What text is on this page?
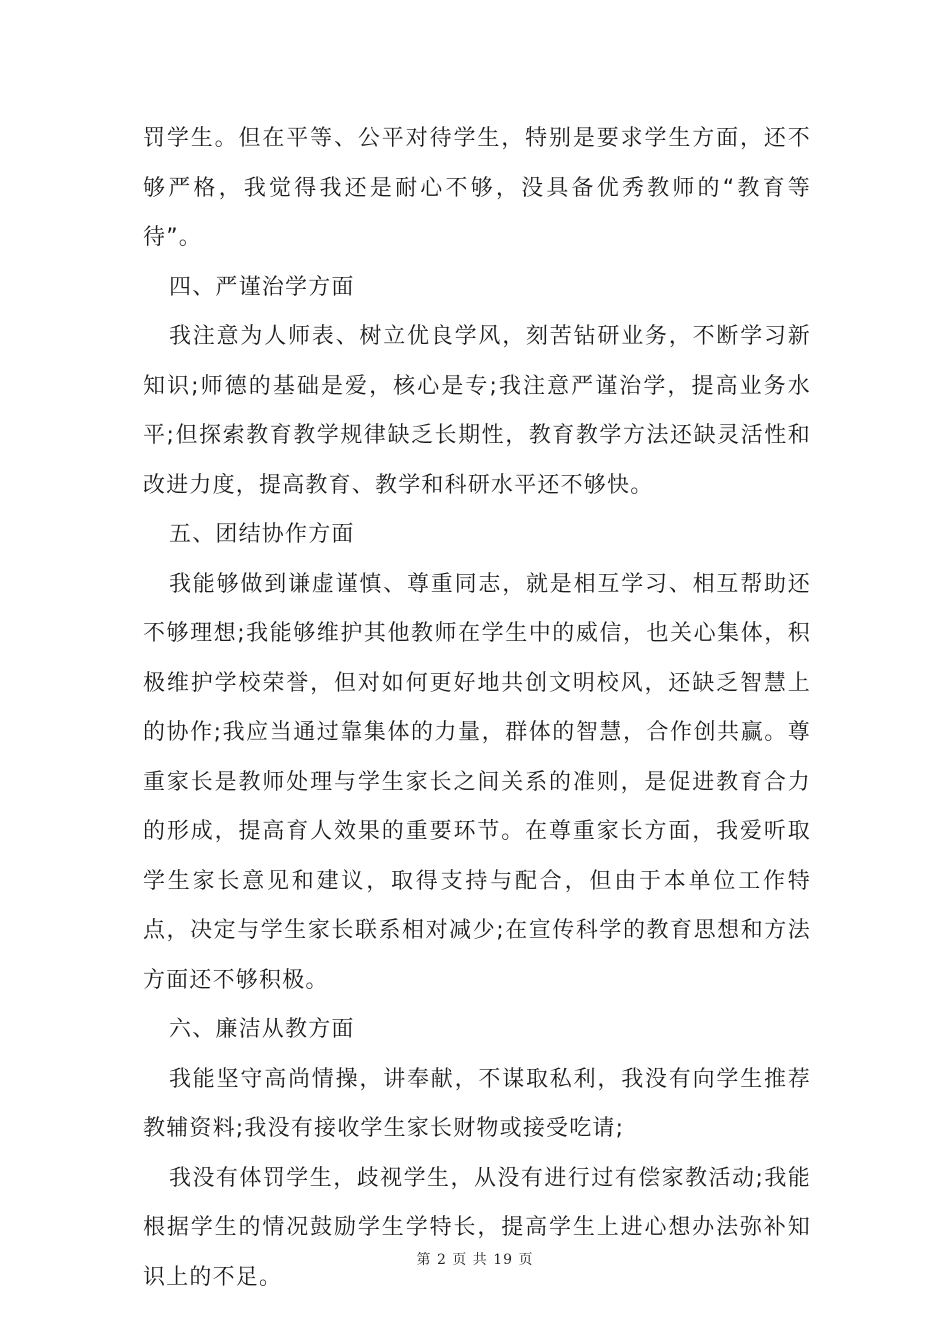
罚学生。但在平等、公平对待学生，特别是要求学生方面，还不够严格，我觉得我还是耐心不够，没具备优秀教师的“教育等待”。

四、严谨治学方面

我注意为人师表、树立优良学风，刻苦钻研业务，不断学习新知识;师德的基础是爱，核心是专;我注意严谨治学，提高业务水平;但探索教育教学规律缺乏长期性，教育教学方法还缺灵活性和改进力度，提高教育、教学和科研水平还不够快。

五、团结协作方面

我能够做到谦虚谨慎、尊重同志，就是相互学习、相互帮助还不够理想;我能够维护其他教师在学生中的威信，也关心集体，积极维护学校荣誉，但对如何更好地共创文明校风，还缺乏智慧上的协作;我应当通过靠集体的力量，群体的智慧，合作创共赢。尊重家长是教师处理与学生家长之间关系的准则，是促进教育合力的形成，提高育人效果的重要环节。在尊重家长方面，我爱听取学生家长意见和建议，取得支持与配合，但由于本单位工作特点，决定与学生家长联系相对减少;在宣传科学的教育思想和方法方面还不够积极。

六、廉洁从教方面

我能坚守高尚情操，讲奉献，不谋取私利，我没有向学生推荐教辅资料;我没有接收学生家长财物或接受吃请;

我没有体罚学生，歧视学生，从没有进行过有偿家教活动;我能根据学生的情况鼓励学生学特长，提高学生上进心想办法弥补知识上的不足。

第 2 页 共 19 页
